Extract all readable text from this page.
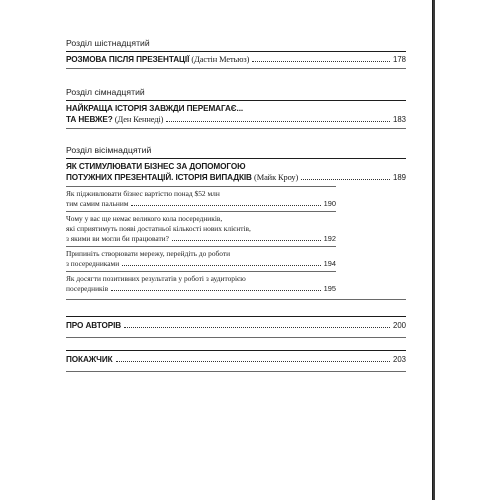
Розділ шістнадцятий
РОЗМОВА ПІСЛЯ ПРЕЗЕНТАЦІЇ (Дастін Метьюз)	178
Розділ сімнадцятий
НАЙКРАЩА ІСТОРІЯ ЗАВЖДИ ПЕРЕМАГАЄ...
ТА НЕВЖЕ? (Ден Кеннеді)	183
Розділ вісімнадцятий
ЯК СТИМУЛЮВАТИ БІЗНЕС ЗА ДОПОМОГОЮ
ПОТУЖНИХ ПРЕЗЕНТАЦІЙ. ІСТОРІЯ ВИПАДКІВ (Майк Кроу)	189
Як підживлювати бізнес вартістю понад $52 млн
тим самим пальним	190
Чому у вас ще немає великого кола посередників,
які сприятимуть появі достатньої кількості нових клієнтів,
з якими ви могли би працювати?	192
Припиніть створювати мережу, перейдіть до роботи
з посередниками	194
Як досягти позитивних результатів у роботі з аудиторією
посередників	195
ПРО АВТОРІВ	200
ПОКАЖЧИК	203
